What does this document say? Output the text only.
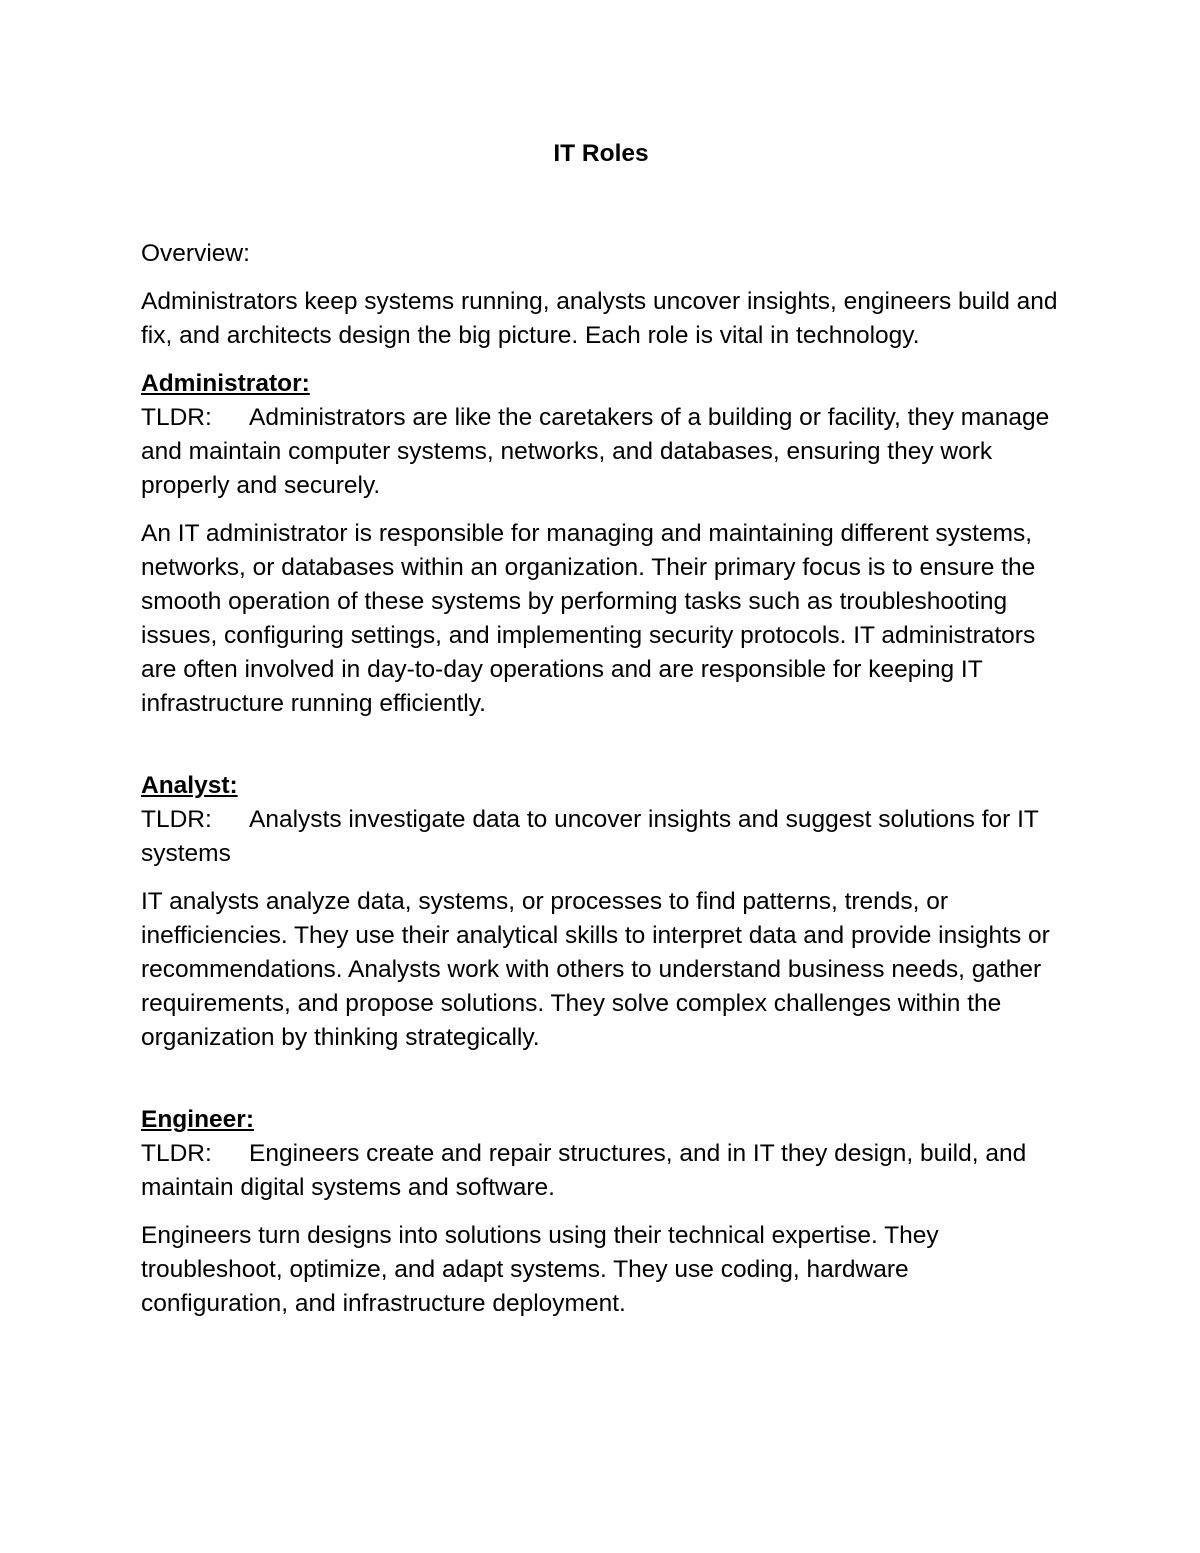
IT Roles

Overview:

Administrators keep systems running, analysts uncover insights, engineers build and fix, and architects design the big picture. Each role is vital in technology.

Administrator:

TLDR: Administrators are like the caretakers of a building or facility, they manage and maintain computer systems, networks, and databases, ensuring they work properly and securely.

An IT administrator is responsible for managing and maintaining different systems, networks, or databases within an organization. Their primary focus is to ensure the smooth operation of these systems by performing tasks such as troubleshooting issues, configuring settings, and implementing security protocols. IT administrators are often involved in day-to-day operations and are responsible for keeping IT infrastructure running efficiently.

Analyst:

TLDR: Analysts investigate data to uncover insights and suggest solutions for IT systems

IT analysts analyze data, systems, or processes to find patterns, trends, or inefficiencies. They use their analytical skills to interpret data and provide insights or recommendations. Analysts work with others to understand business needs, gather requirements, and propose solutions. They solve complex challenges within the organization by thinking strategically.

Engineer:

TLDR: Engineers create and repair structures, and in IT they design, build, and maintain digital systems and software.

Engineers turn designs into solutions using their technical expertise. They troubleshoot, optimize, and adapt systems. They use coding, hardware configuration, and infrastructure deployment.
